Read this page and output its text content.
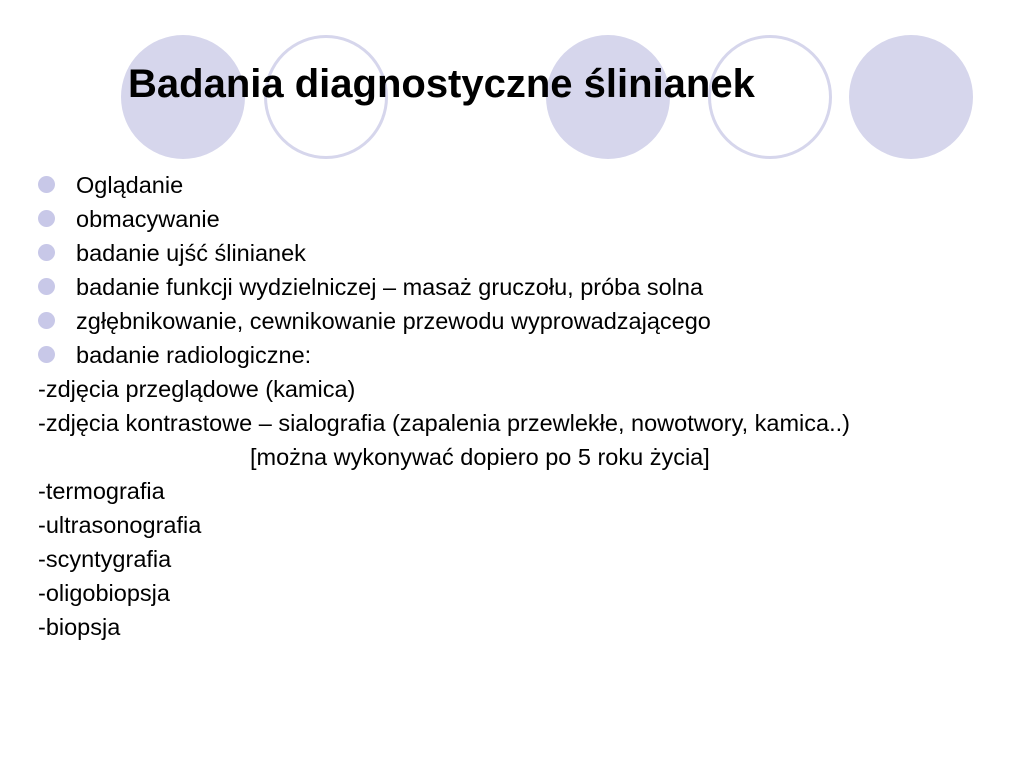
Badania diagnostyczne ślinianek
Oglądanie
obmacywanie
badanie ujść ślinianek
badanie funkcji wydzielniczej – masaż gruczołu, próba solna
zgłębnikowanie, cewnikowanie przewodu wyprowadzającego
badanie radiologiczne:
-zdjęcia przeglądowe (kamica)
-zdjęcia kontrastowe – sialografia (zapalenia przewlekłe, nowotwory, kamica..)
[można wykonywać dopiero po 5 roku życia]
-termografia
-ultrasonografia
-scyntygrafia
-oligobiopsja
-biopsja
